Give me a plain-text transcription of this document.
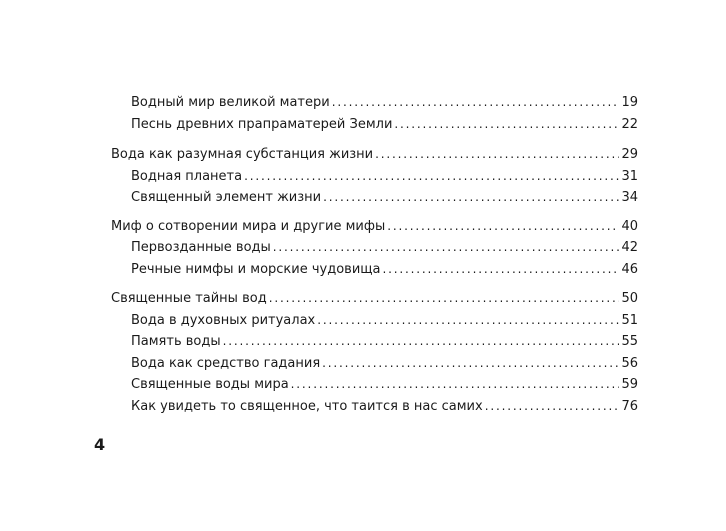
Водный мир великой матери . . .	19
Песнь древних прапраматерей Земли . . .	22
Вода как разумная субстанция жизни . . .	29
Водная планета . . .	31
Священный элемент жизни . . .	34
Миф о сотворении мира и другие мифы . . .	40
Первозданные воды . . .	42
Речные нимфы и морские чудовища . . .	46
Священные тайны вод . . .	50
Вода в духовных ритуалах . . .	51
Память воды . . .	55
Вода как средство гадания . . .	56
Священные воды мира . . .	59
Как увидеть то священное, что таится в нас самих . . .	76
4
